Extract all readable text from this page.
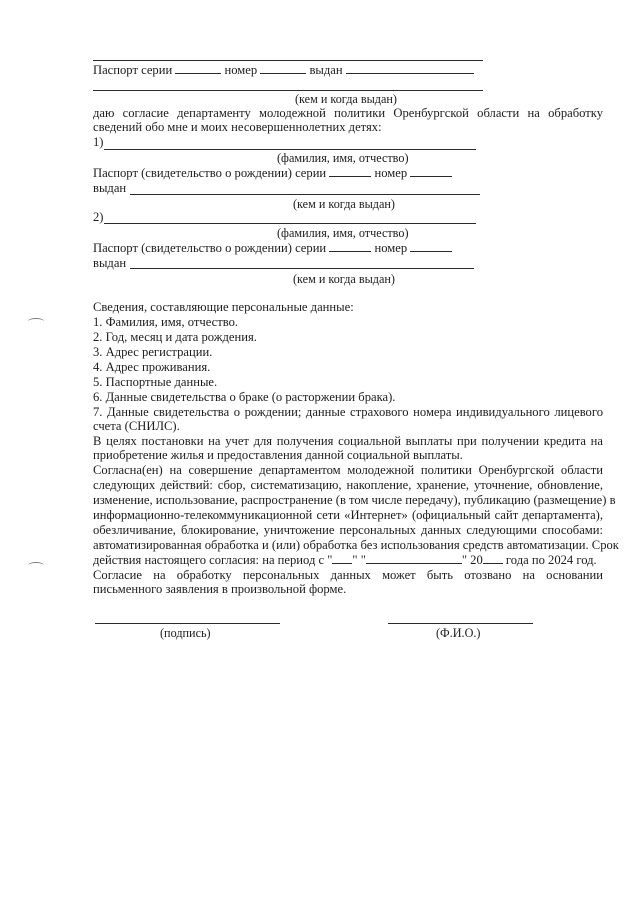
Паспорт серии	номер	выдан
(кем и когда выдан)
даю согласие департаменту молодежной политики Оренбургской области на обработку
сведений обо мне и моих несовершеннолетних детях:
1)
(фамилия, имя, отчество)
Паспорт (свидетельство о рождении) серии	номер
выдан
(кем и когда выдан)
2)
(фамилия, имя, отчество)
Паспорт (свидетельство о рождении) серии	номер
выдан
(кем и когда выдан)
Сведения, составляющие персональные данные:
1. Фамилия, имя, отчество.
2. Год, месяц и дата рождения.
3. Адрес регистрации.
4. Адрес проживания.
5. Паспортные данные.
6. Данные свидетельства о браке (о расторжении брака).
7. Данные свидетельства о рождении; данные страхового номера индивидуального лицевого
счета (СНИЛС).
В целях постановки на учет для получения социальной выплаты при получении кредита на
приобретение жилья и предоставления данной социальной выплаты.
Согласна(ен) на совершение департаментом молодежной политики Оренбургской области
следующих действий: сбор, систематизацию, накопление, хранение, уточнение, обновление,
изменение, использование, распространение (в том числе передачу), публикацию (размещение) в
информационно-телекоммуникационной сети «Интернет» (официальный сайт департамента),
обезличивание, блокирование, уничтожение персональных данных следующими способами:
автоматизированная обработка и (или) обработка без использования средств автоматизации. Срок
действия настоящего согласия: на период с " " "	" 20 года по 2024 год.
Согласие на обработку персональных данных может быть отозвано на основании
письменного заявления в произвольной форме.
(подпись)	(Ф.И.О.)
